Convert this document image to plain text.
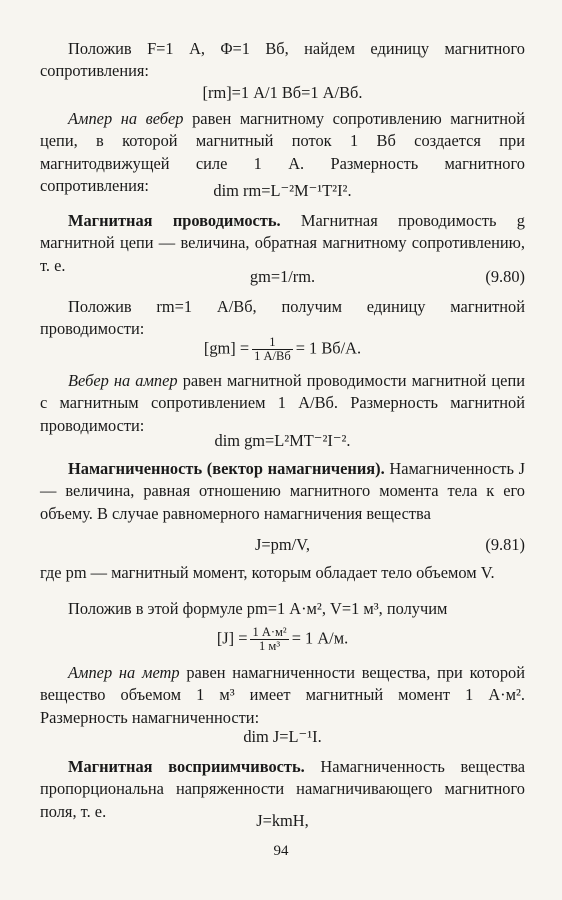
Положив F=1 А, Φ=1 Вб, найдем единицу магнитного сопротивления:

[rm]=1 А/1 Вб=1 А/Вб.

Ампер на вебер равен магнитному сопротивлению магнитной цепи, в которой магнитный поток 1 Вб создается при магнитодвижущей силе 1 А. Размерность магнитного сопротивления:	dim rm=L⁻²M⁻¹T²I².

Магнитная проводимость. Магнитная проводимость g магнитной цепи — величина, обратная магнитному сопротивлению, т. е.

gm=1/rm.	(9.80)

Положив rm=1 А/Вб, получим единицу магнитной проводимости:

$[gm] = \frac{1}{1 А/Вб} = 1$ Вб/А.

Вебер на ампер равен магнитной проводимости магнитной цепи с магнитным сопротивлением 1 А/Вб. Размерность магнитной проводимости:

dim gm=L²MT⁻²I⁻².

Намагниченность (вектор намагничения). Намагниченность J — величина, равная отношению магнитного момента тела к его объему. В случае равномерного намагничения вещества

J=pm/V,	(9.81)

где pm — магнитный момент, которым обладает тело объемом V.

Положив в этой формуле pm=1 А·м², V=1 м³, получим

$[J] = \frac{\text{1 А·м²}}{\text{1 м³}} = 1$ А/м.

Ампер на метр равен намагниченности вещества, при которой вещество объемом 1 м³ имеет магнитный момент 1 А·м². Размерность намагниченности:

dim J=L⁻¹I.

Магнитная восприимчивость. Намагниченность вещества пропорциональна напряженности намагничивающего магнитного поля, т. е.	J=kmH,
94
